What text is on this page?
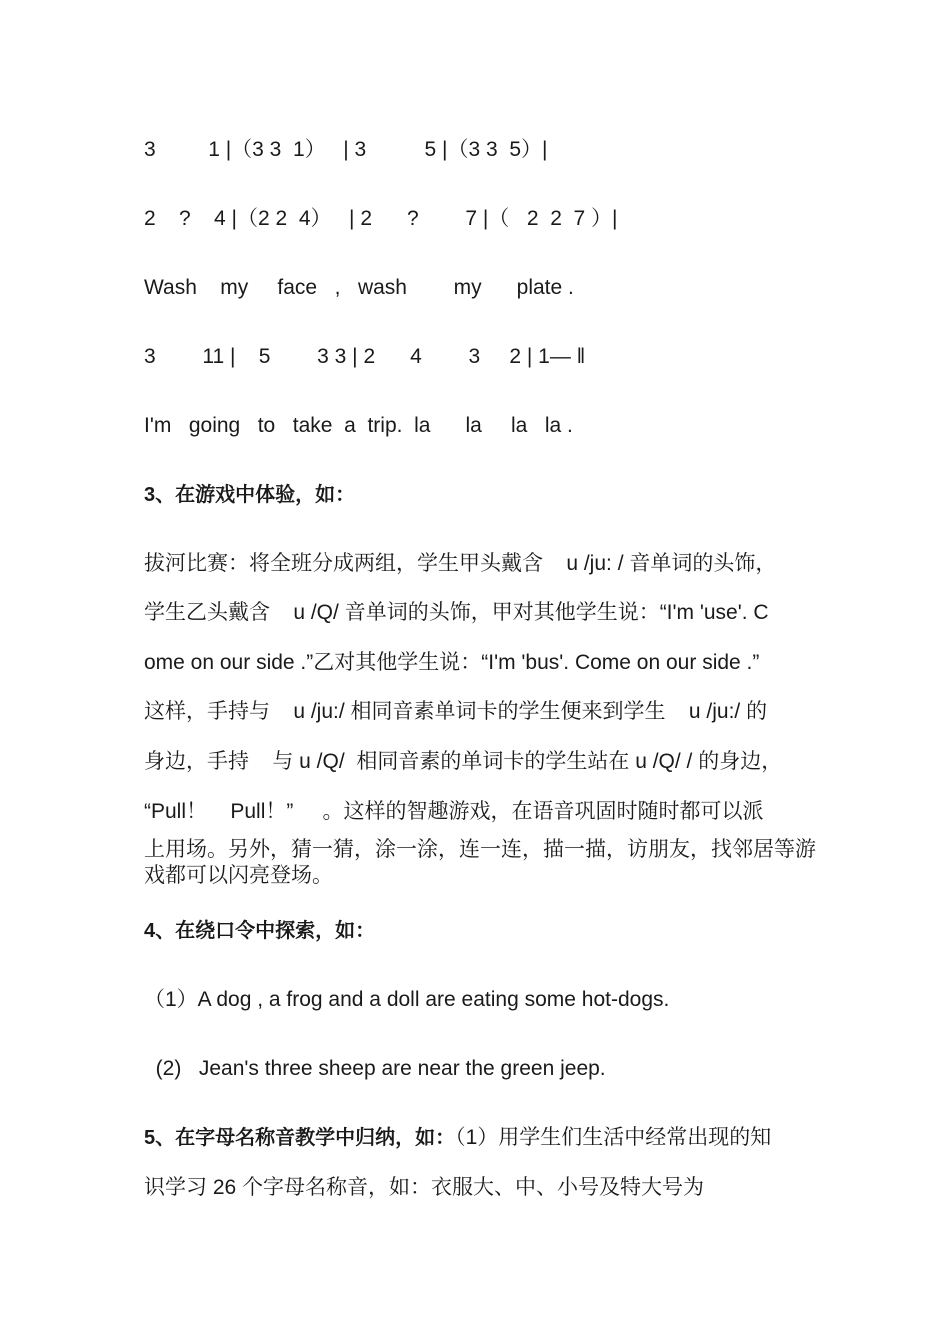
3         1 |（3 3  1）   | 3          5 |（3 3  5）|
2    ?    4 |（2 2  4）   | 2      ?        7 |（   2  2  7 ）|
Wash    my     face   ,   wash        my      plate .
3        11 |    5        3 3 | 2      4        3     2 | 1— ǁ
I'm   going   to   take  a  trip.  la      la     la   la .
3、在游戏中体验，如：
拔河比赛：将全班分成两组，学生甲头戴含    u /ju: / 音单词的头饰，
学生乙头戴含    u /Q/ 音单词的头饰，甲对其他学生说：“I'm 'use'. C
ome on our side .”乙对其他学生说：“I'm 'bus'. Come on our side .”
这样，手持与    u /ju:/ 相同音素单词卡的学生便来到学生    u /ju:/ 的
身边，手持    与 u /Q/  相同音素的单词卡的学生站在 u /Q/ / 的身边，
“Pull！    Pull！”     。这样的智趣游戏，在语音巩固时随时都可以派
上用场。另外，猜一猜，涂一涂，连一连，描一描，访朋友，找邻居等游
戏都可以闪亮登场。
4、在绕口令中探索，如：
（1）A dog , a frog and a doll are eating some hot-dogs.
(2)   Jean's three sheep are near the green jeep.
5、在字母名称音教学中归纳，如：（1）用学生们生活中经常出现的知
识学习 26 个字母名称音，如：衣服大、中、小号及特大号为
